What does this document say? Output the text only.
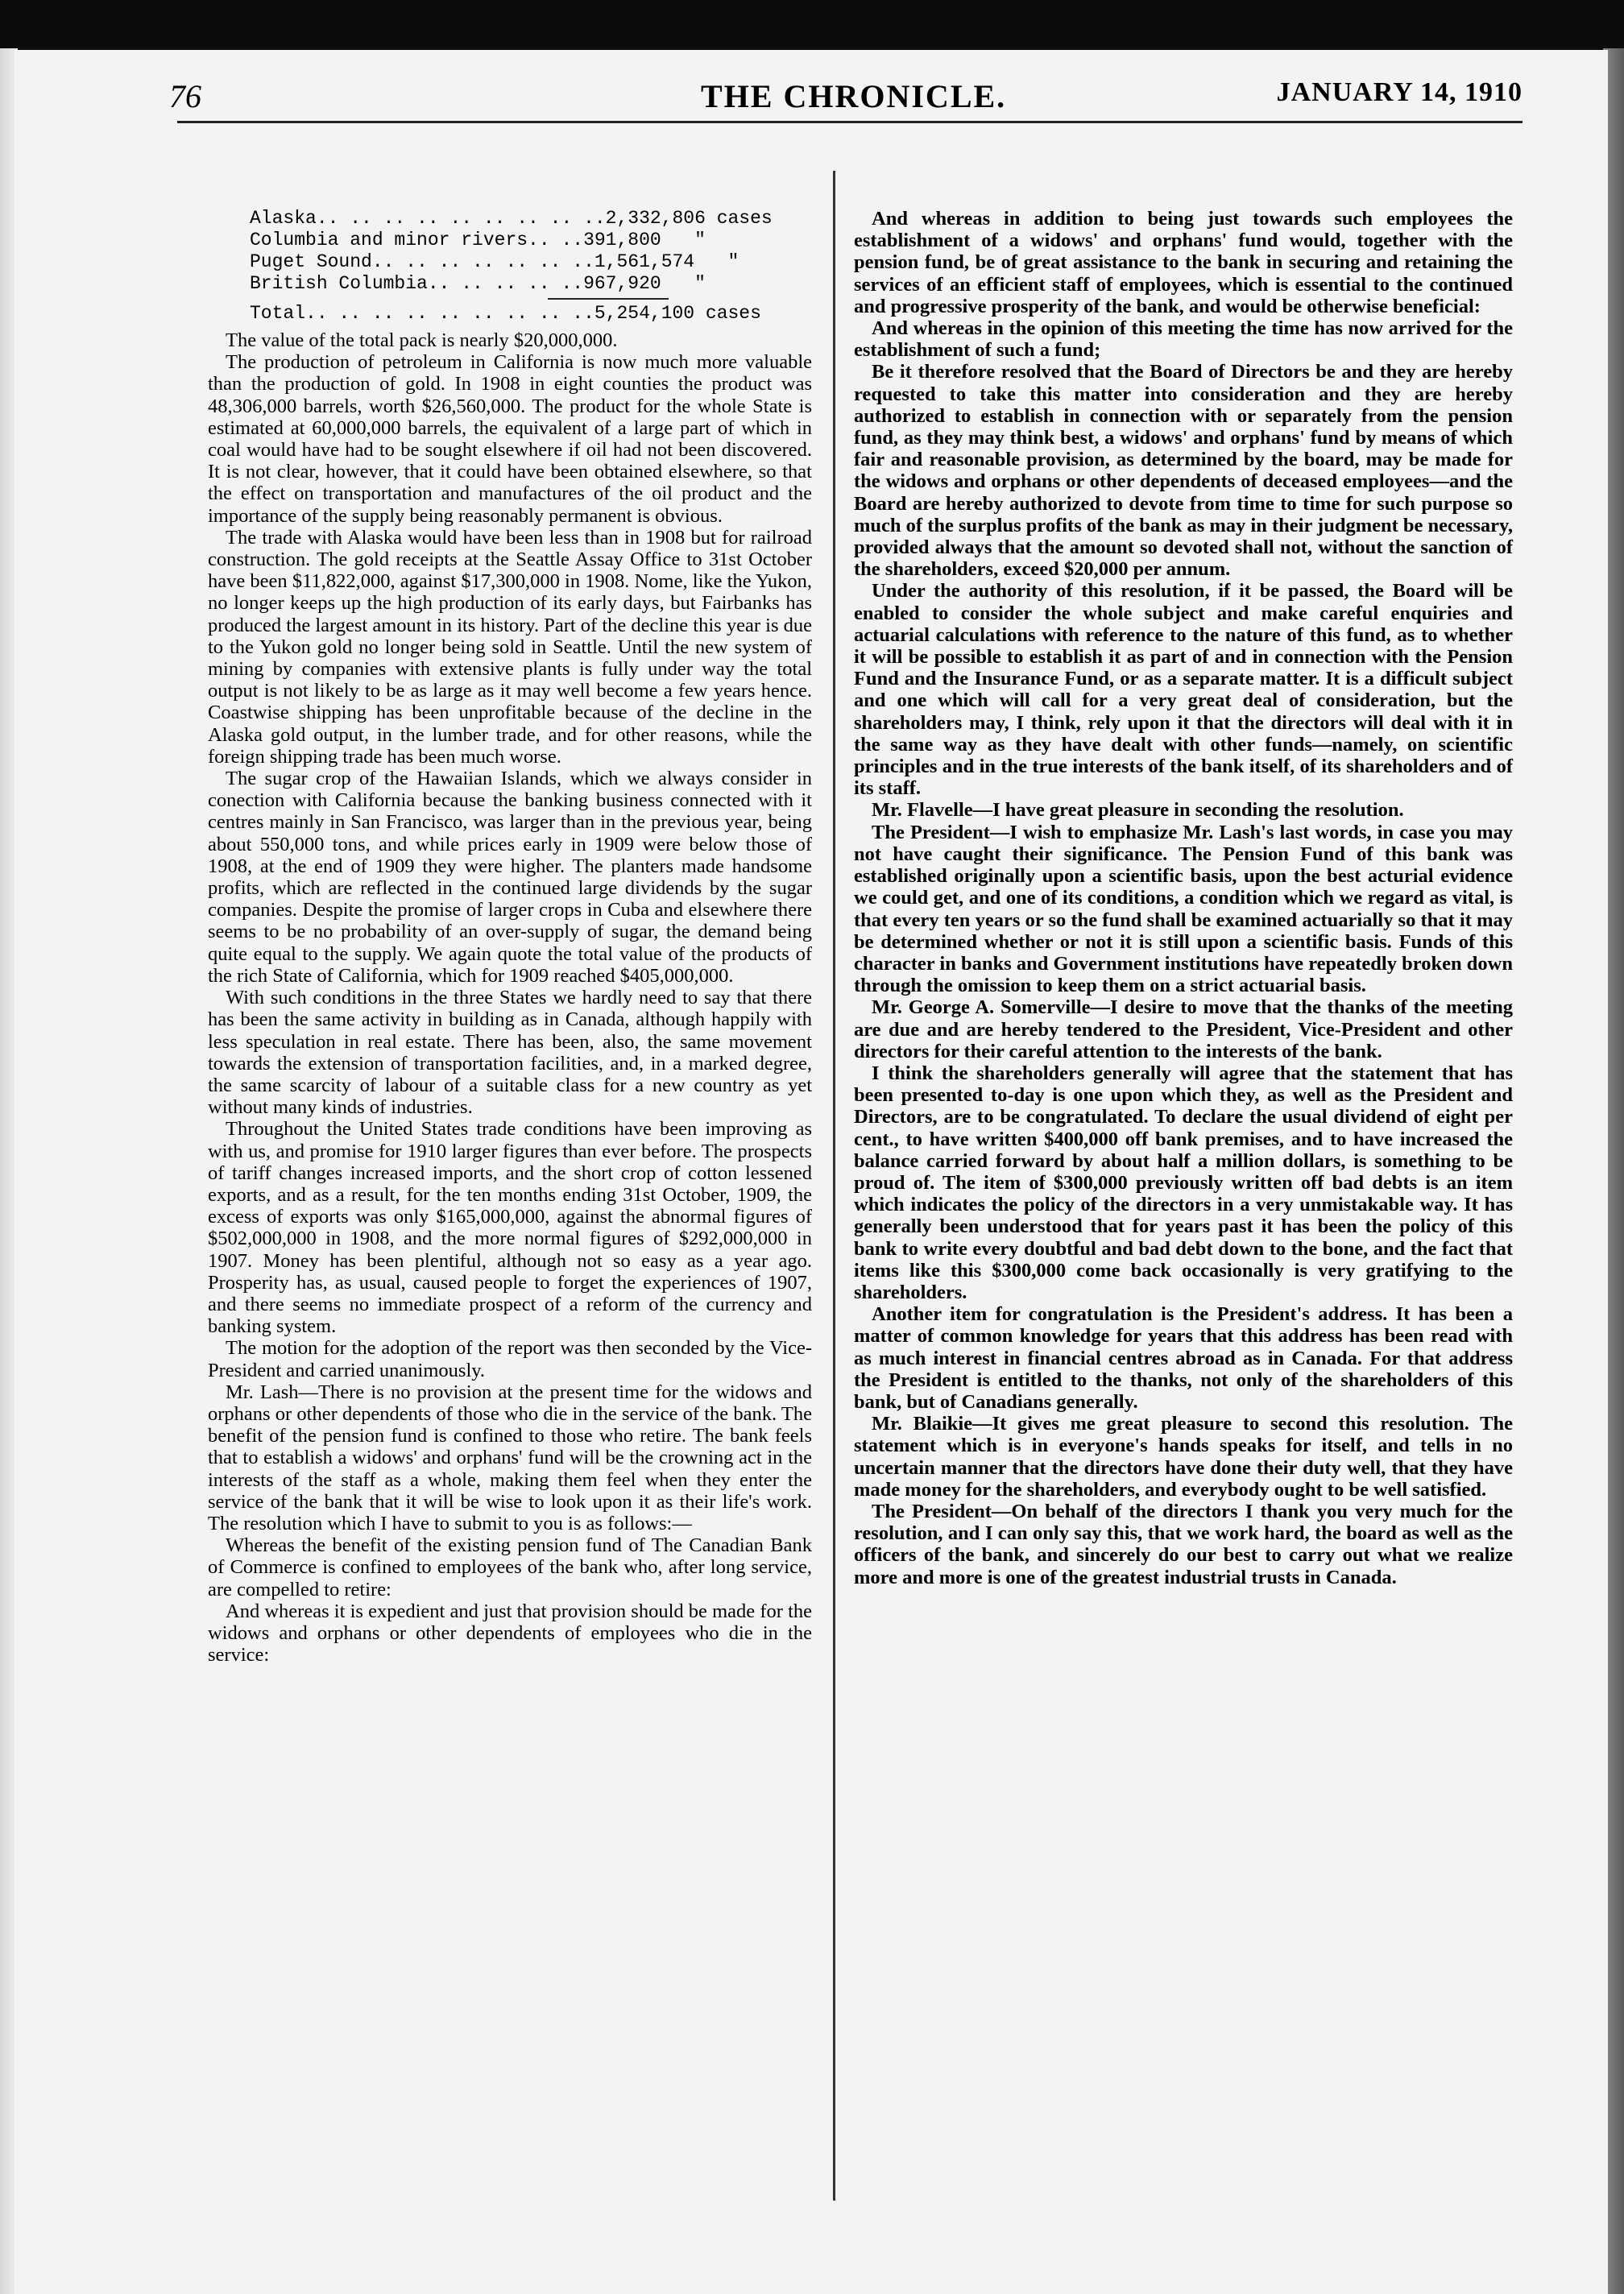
76	THE CHRONICLE.	JANUARY 14, 1910
Alaska.. .. .. .. .. .. .. .. .. 2,332,806 cases
Columbia and minor rivers.. .. 391,800   "
Puget Sound.. .. .. .. .. .. .. 1,561,574   "
British Columbia.. .. .. .. .. 967,920   "
Total.. .. .. .. .. .. .. .. .. 5,254,100 cases

The value of the total pack is nearly $20,000,000.

The production of petroleum in California is now much more valuable than the production of gold. In 1908 in eight counties the product was 48,306,000 barrels, worth $26,560,000. The product for the whole State is estimated at 60,000,000 barrels, the equivalent of a large part of which in coal would have had to be sought elsewhere if oil had not been discovered. It is not clear, however, that it could have been obtained elsewhere, so that the effect on transportation and manufactures of the oil product and the importance of the supply being reasonably permanent is obvious.

The trade with Alaska would have been less than in 1908 but for railroad construction. The gold receipts at the Seattle Assay Office to 31st October have been $11,822,000, against $17,300,000 in 1908. Nome, like the Yukon, no longer keeps up the high production of its early days, but Fairbanks has produced the largest amount in its history. Part of the decline this year is due to the Yukon gold no longer being sold in Seattle. Until the new system of mining by companies with extensive plants is fully under way the total output is not likely to be as large as it may well become a few years hence. Coastwise shipping has been unprofitable because of the decline in the Alaska gold output, in the lumber trade, and for other reasons, while the foreign shipping trade has been much worse.

The sugar crop of the Hawaiian Islands, which we always consider in conection with California because the banking business connected with it centres mainly in San Francisco, was larger than in the previous year, being about 550,000 tons, and while prices early in 1909 were below those of 1908, at the end of 1909 they were higher. The planters made handsome profits, which are reflected in the continued large dividends by the sugar companies. Despite the promise of larger crops in Cuba and elsewhere there seems to be no probability of an over-supply of sugar, the demand being quite equal to the supply. We again quote the total value of the products of the rich State of California, which for 1909 reached $405,000,000.

With such conditions in the three States we hardly need to say that there has been the same activity in building as in Canada, although happily with less speculation in real estate. There has been, also, the same movement towards the extension of transportation facilities, and, in a marked degree, the same scarcity of labour of a suitable class for a new country as yet without many kinds of industries.

Throughout the United States trade conditions have been improving as with us, and promise for 1910 larger figures than ever before. The prospects of tariff changes increased imports, and the short crop of cotton lessened exports, and as a result, for the ten months ending 31st October, 1909, the excess of exports was only $165,000,000, against the abnormal figures of $502,000,000 in 1908, and the more normal figures of $292,000,000 in 1907. Money has been plentiful, although not so easy as a year ago. Prosperity has, as usual, caused people to forget the experiences of 1907, and there seems no immediate prospect of a reform of the currency and banking system.

The motion for the adoption of the report was then seconded by the Vice-President and carried unanimously.

Mr. Lash—There is no provision at the present time for the widows and orphans or other dependents of those who die in the service of the bank. The benefit of the pension fund is confined to those who retire. The bank feels that to establish a widows' and orphans' fund will be the crowning act in the interests of the staff as a whole, making them feel when they enter the service of the bank that it will be wise to look upon it as their life's work. The resolution which I have to submit to you is as follows:—

Whereas the benefit of the existing pension fund of The Canadian Bank of Commerce is confined to employees of the bank who, after long service, are compelled to retire:

And whereas it is expedient and just that provision should be made for the widows and orphans or other dependents of employees who die in the service:

And whereas in addition to being just towards such employees the establishment of a widows' and orphans' fund would, together with the pension fund, be of great assistance to the bank in securing and retaining the services of an efficient staff of employees, which is essential to the continued and progressive prosperity of the bank, and would be otherwise beneficial:

And whereas in the opinion of this meeting the time has now arrived for the establishment of such a fund;

Be it therefore resolved that the Board of Directors be and they are hereby requested to take this matter into consideration and they are hereby authorized to establish in connection with or separately from the pension fund, as they may think best, a widows' and orphans' fund by means of which fair and reasonable provision, as determined by the board, may be made for the widows and orphans or other dependents of deceased employees—and the Board are hereby authorized to devote from time to time for such purpose so much of the surplus profits of the bank as may in their judgment be necessary, provided always that the amount so devoted shall not, without the sanction of the shareholders, exceed $20,000 per annum.

Under the authority of this resolution, if it be passed, the Board will be enabled to consider the whole subject and make careful enquiries and actuarial calculations with reference to the nature of this fund, as to whether it will be possible to establish it as part of and in connection with the Pension Fund and the Insurance Fund, or as a separate matter. It is a difficult subject and one which will call for a very great deal of consideration, but the shareholders may, I think, rely upon it that the directors will deal with it in the same way as they have dealt with other funds—namely, on scientific principles and in the true interests of the bank itself, of its shareholders and of its staff.

Mr. Flavelle—I have great pleasure in seconding the resolution.

The President—I wish to emphasize Mr. Lash's last words, in case you may not have caught their significance. The Pension Fund of this bank was established originally upon a scientific basis, upon the best acturial evidence we could get, and one of its conditions, a condition which we regard as vital, is that every ten years or so the fund shall be examined actuarially so that it may be determined whether or not it is still upon a scientific basis. Funds of this character in banks and Government institutions have repeatedly broken down through the omission to keep them on a strict actuarial basis.

Mr. George A. Somerville—I desire to move that the thanks of the meeting are due and are hereby tendered to the President, Vice-President and other directors for their careful attention to the interests of the bank.

I think the shareholders generally will agree that the statement that has been presented to-day is one upon which they, as well as the President and Directors, are to be congratulated. To declare the usual dividend of eight per cent., to have written $400,000 off bank premises, and to have increased the balance carried forward by about half a million dollars, is something to be proud of. The item of $300,000 previously written off bad debts is an item which indicates the policy of the directors in a very unmistakable way. It has generally been understood that for years past it has been the policy of this bank to write every doubtful and bad debt down to the bone, and the fact that items like this $300,000 come back occasionally is very gratifying to the shareholders.

Another item for congratulation is the President's address. It has been a matter of common knowledge for years that this address has been read with as much interest in financial centres abroad as in Canada. For that address the President is entitled to the thanks, not only of the shareholders of this bank, but of Canadians generally.

Mr. Blaikie—It gives me great pleasure to second this resolution. The statement which is in everyone's hands speaks for itself, and tells in no uncertain manner that the directors have done their duty well, that they have made money for the shareholders, and everybody ought to be well satisfied.

The President—On behalf of the directors I thank you very much for the resolution, and I can only say this, that we work hard, the board as well as the officers of the bank, and sincerely do our best to carry out what we realize more and more is one of the greatest industrial trusts in Canada.
